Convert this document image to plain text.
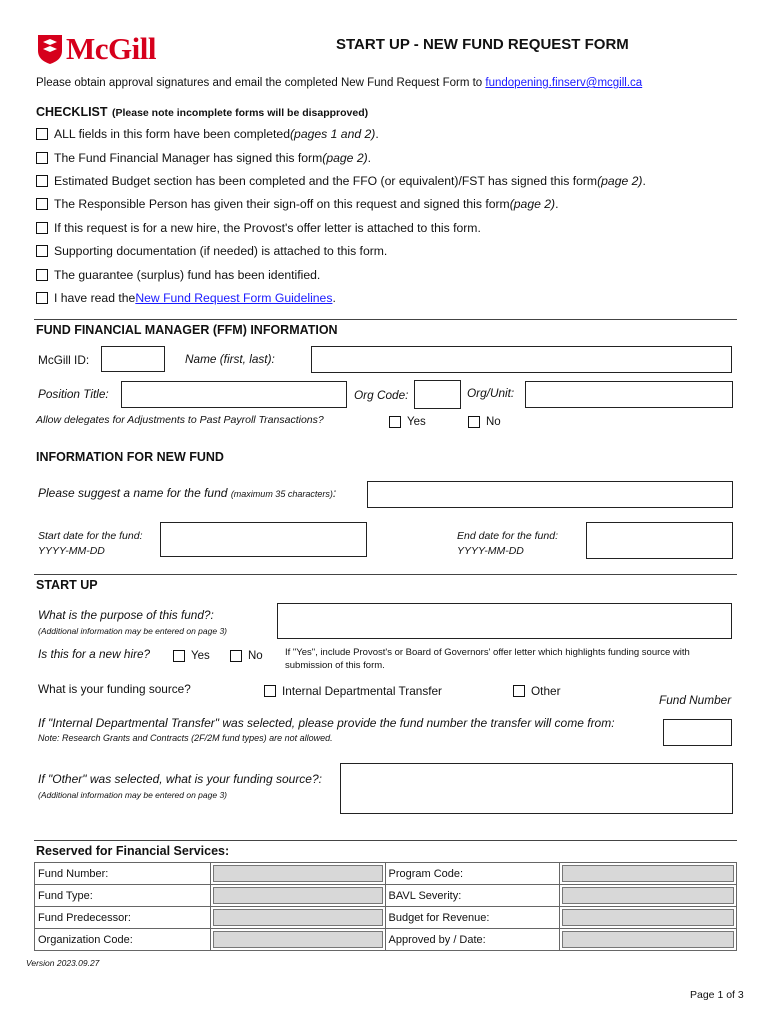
McGill	START UP - NEW FUND REQUEST FORM
Please obtain approval signatures and email the completed New Fund Request Form to fundopening.finserv@mcgill.ca
CHECKLIST (Please note incomplete forms will be disapproved)
ALL fields in this form have been completed (pages 1 and 2) .
The Fund Financial Manager has signed this form (page 2) .
Estimated Budget section has been completed and the FFO (or equivalent)/FST has signed this form (page 2) .
The Responsible Person has given their sign-off on this request and signed this form (page 2) .
If this request is for a new hire, the Provost's offer letter is attached to this form.
Supporting documentation (if needed) is attached to this form.
The guarantee (surplus) fund has been identified.
I have read the New Fund Request Form Guidelines .
FUND FINANCIAL MANAGER (FFM) INFORMATION
McGill ID:	Name (first, last):
Position Title:	Org Code:	Org/Unit:
Allow delegates for Adjustments to Past Payroll Transactions?	Yes	No
INFORMATION FOR NEW FUND
Please suggest a name for the fund (maximum 35 characters):
Start date for the fund:
YYYY-MM-DD
End date for the fund:
YYYY-MM-DD
START UP
What is the purpose of this fund?:
(Additional information may be entered on page 3)
Is this for a new hire?	Yes	No If "Yes", include Provost's or Board of Governors' offer letter which highlights funding source with submission of this form.
What is your funding source?	Internal Departmental Transfer	Other
Fund Number
If "Internal Departmental Transfer" was selected, please provide the fund number the transfer will come from:
Note: Research Grants and Contracts (2F/2M fund types) are not allowed.
If "Other" was selected, what is your funding source?:
(Additional information may be entered on page 3)
Reserved for Financial Services:
Fund Number:		Program Code:	

Fund Type:		BAVL Severity:	

Fund Predecessor:		Budget for Revenue:	

Organization Code:		Approved by / Date:	
Version 2023.09.27
Page 1 of 3
